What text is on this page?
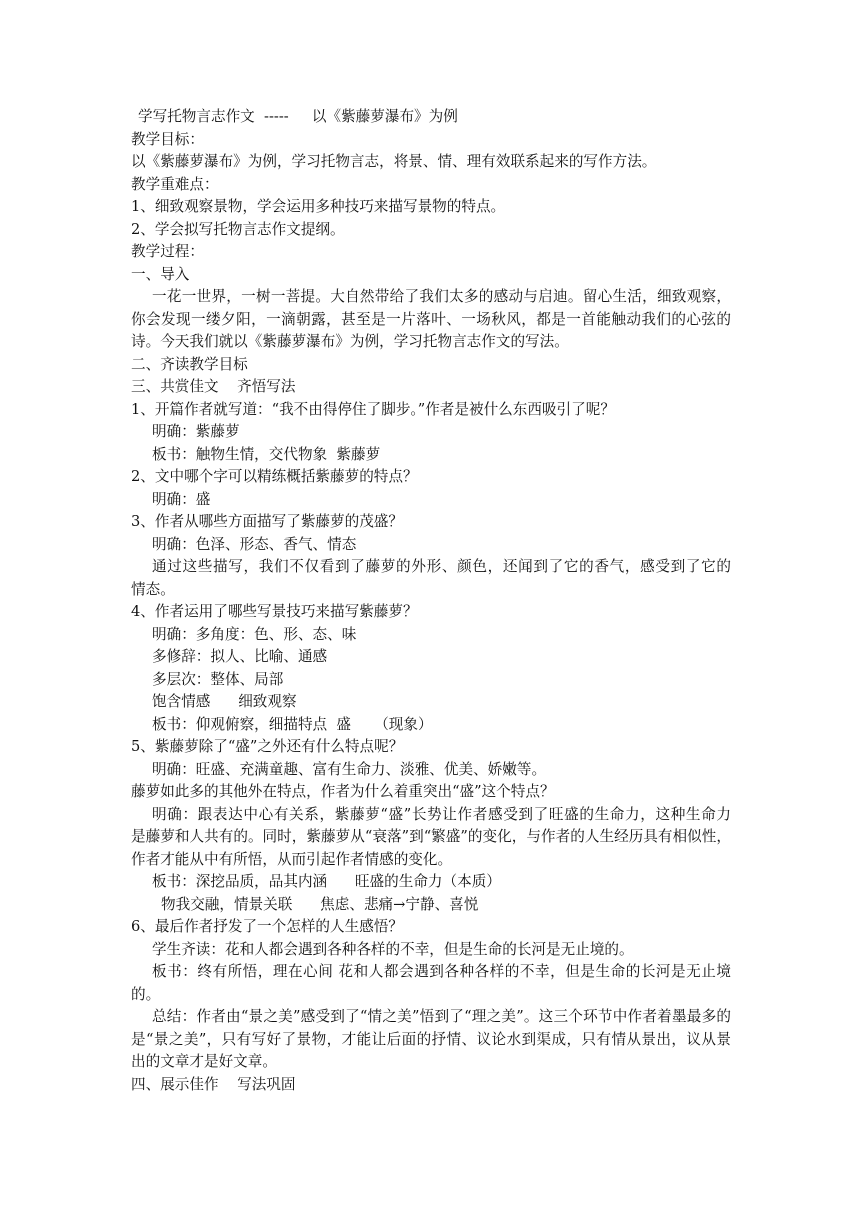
学写托物言志作文  -----     以《紫藤萝瀑布》为例
教学目标：
以《紫藤萝瀑布》为例，学习托物言志，将景、情、理有效联系起来的写作方法。
教学重难点：
1、细致观察景物，学会运用多种技巧来描写景物的特点。
2、学会拟写托物言志作文提纲。
教学过程：
一、导入
一花一世界，一树一菩提。大自然带给了我们太多的感动与启迪。留心生活，细致观察，
你会发现一缕夕阳，一滴朝露，甚至是一片落叶、一场秋风，都是一首能触动我们的心弦的
诗。今天我们就以《紫藤萝瀑布》为例，学习托物言志作文的写法。
二、齐读教学目标
三、共赏佳文    齐悟写法
1、开篇作者就写道：“我不由得停住了脚步。”作者是被什么东西吸引了呢？
明确：紫藤萝
板书：触物生情，交代物象  紫藤萝
2、文中哪个字可以精练概括紫藤萝的特点？
明确：盛
3、作者从哪些方面描写了紫藤萝的茂盛？
明确：色泽、形态、香气、情态
通过这些描写，我们不仅看到了藤萝的外形、颜色，还闻到了它的香气，感受到了它的
情态。
4、作者运用了哪些写景技巧来描写紫藤萝？
明确：多角度：色、形、态、味
多修辞：拟人、比喻、通感
多层次：整体、局部
饱含情感      细致观察
板书：仰观俯察，细描特点  盛     （现象）
5、紫藤萝除了“盛”之外还有什么特点呢？
明确：旺盛、充满童趣、富有生命力、淡雅、优美、娇嫩等。
藤萝如此多的其他外在特点，作者为什么着重突出“盛”这个特点？
明确：跟表达中心有关系，紫藤萝“盛”长势让作者感受到了旺盛的生命力，这种生命力
是藤萝和人共有的。同时，紫藤萝从“衰落”到“繁盛”的变化，与作者的人生经历具有相似性，
作者才能从中有所悟，从而引起作者情感的变化。
板书：深挖品质，品其内涵      旺盛的生命力（本质）
物我交融，情景关联      焦虑、悲痛→宁静、喜悦
6、最后作者抒发了一个怎样的人生感悟？
学生齐读：花和人都会遇到各种各样的不幸，但是生命的长河是无止境的。
板书：终有所悟，理在心间 花和人都会遇到各种各样的不幸，但是生命的长河是无止境
的。
总结：作者由“景之美”感受到了“情之美”悟到了“理之美”。这三个环节中作者着墨最多的
是“景之美”，只有写好了景物，才能让后面的抒情、议论水到渠成，只有情从景出，议从景
出的文章才是好文章。
四、展示佳作    写法巩固
